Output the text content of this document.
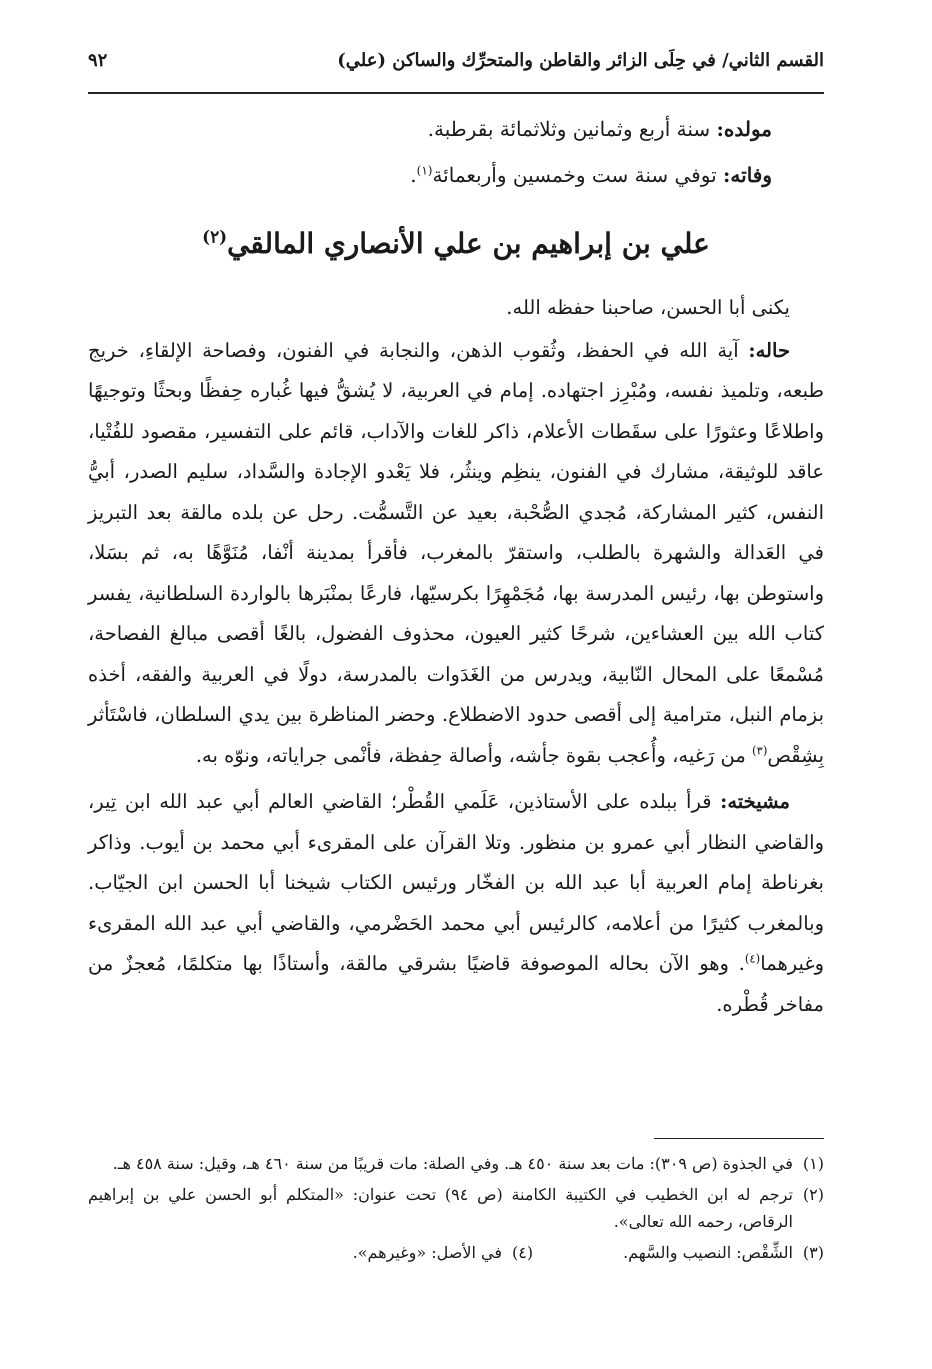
القسم الثاني/ في حِلَى الزائر والقاطن والمتحرِّك والساكن (علي)
٩٢

مولده: سنة أربع وثمانين وثلاثمائة بقرطبة.

وفاته: توفي سنة ست وخمسين وأربعمائة$^{(١)}$.

علي بن إبراهيم بن علي الأنصاري المالقي$^{(٢)}$

يكنى أبا الحسن، صاحبنا حفظه الله.

حاله: آية الله في الحفظ، وثُقوب الذهن، والنجابة في الفنون، وفصاحة الإلقاءِ، خريج طبعه، وتلميذ نفسه، ومُبْرِز اجتهاده. إمام في العربية، لا يُشقُّ فيها غُباره حِفظًا وبحثًا وتوجيهًا واطلاعًا وعثورًا على سقَطات الأعلام، ذاكر للغات والآداب، قائم على التفسير، مقصود للفُتْيا، عاقد للوثيقة، مشارك في الفنون، ينظِم وينثُر، فلا يَعْدو الإجادة والسَّداد، سليم الصدر، أبيُّ النفس، كثير المشاركة، مُجدي الصُّحْبة، بعيد عن التَّسمُّت. رحل عن بلده مالقة بعد التبريز في العَدالة والشهرة بالطلب، واستقرّ بالمغرب، فأقرأ بمدينة أنْفا، مُنَوَّهًا به، ثم بسَلا، واستوطن بها، رئيس المدرسة بها، مُجَمْهِرًا بكرسيّها، فارعًا بمنْبَرها بالواردة السلطانية، يفسر كتاب الله بين العشاءين، شرحًا كثير العيون، محذوف الفضول، بالغًا أقصى مبالغ الفصاحة، مُسْمعًا على المحال النّابية، ويدرس من الغَدَوات بالمدرسة، دولًا في العربية والفقه، أخذه بزمام النبل، مترامية إلى أقصى حدود الاضطلاع. وحضر المناظرة بين يدي السلطان، فاسْتَأثر بِشِقْص$^{(٣)}$ من رَغيه، وأُعجب بقوة جأشه، وأصالة حِفظة، فأنْمى جراياته، ونوّه به.

مشيخته: قرأ ببلده على الأستاذين، عَلَمي القُطْر؛ القاضي العالم أبي عبد الله ابن تِير، والقاضي النظار أبي عمرو بن منظور. وتلا القرآن على المقرىء أبي محمد بن أيوب. وذاكر بغرناطة إمام العربية أبا عبد الله بن الفخّار ورئيس الكتاب شيخنا أبا الحسن ابن الجيّاب. وبالمغرب كثيرًا من أعلامه، كالرئيس أبي محمد الحَضْرمي، والقاضي أبي عبد الله المقرىء وغيرهما$^{(٤)}$. وهو الآن بحاله الموصوفة قاضيًا بشرقي مالقة، وأستاذًا بها متكلمًا، مُعجزٌ من مفاخر قُطْره.

(١)
في الجذوة (ص ٣٠٩): مات بعد سنة ٤٥٠ هـ. وفي الصلة: مات قريبًا من سنة ٤٦٠ هـ، وقيل: سنة ٤٥٨ هـ.
(٢)
ترجم له ابن الخطيب في الكتيبة الكامنة (ص ٩٤) تحت عنوان: «المتكلم أبو الحسن علي بن إبراهيم الرقاص، رحمه الله تعالى».
(٣)
الشِّقْص: النصيب والسَّهم.
(٤)
في الأصل: «وغيرهم».
